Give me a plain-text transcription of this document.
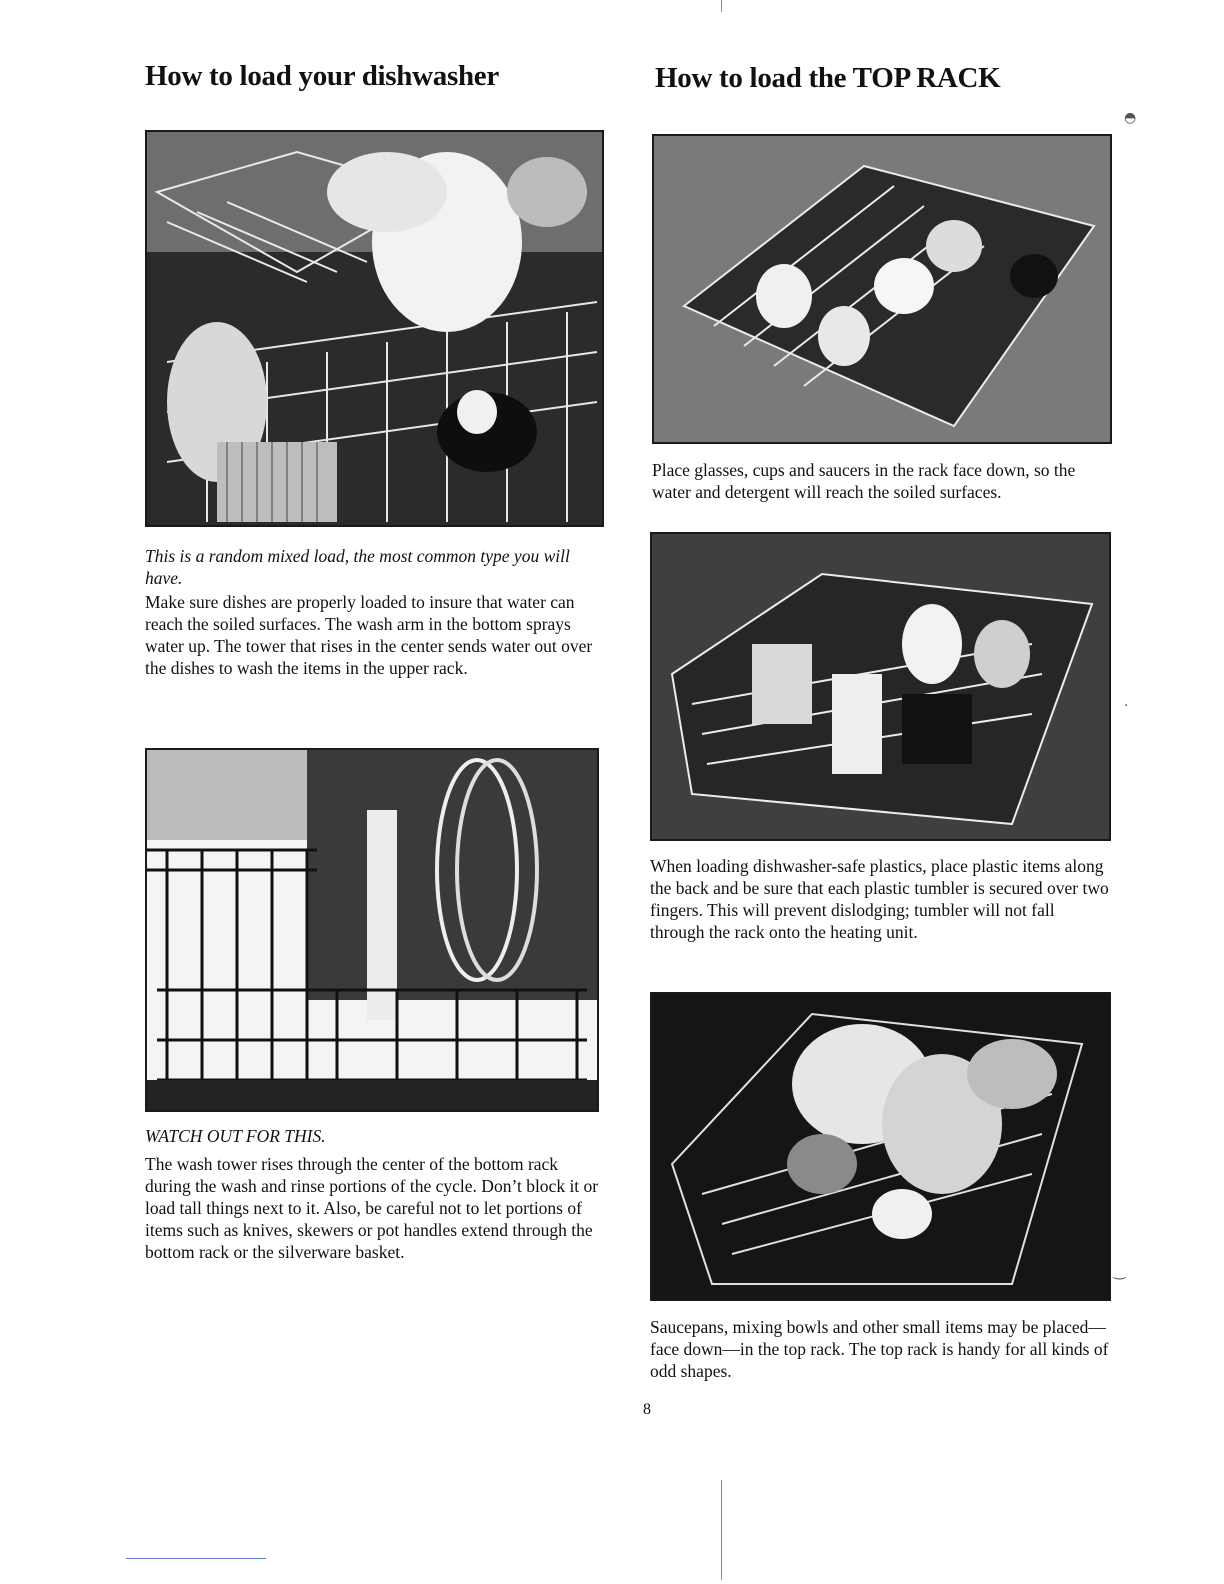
How to load your dishwasher	How to load the TOP RACK

This is a random mixed load, the most common type you will have.

Make sure dishes are properly loaded to insure that water can reach the soiled surfaces. The wash arm in the bottom sprays water up. The tower that rises in the center sends water out over the dishes to wash the items in the upper rack.

WATCH OUT FOR THIS.

The wash tower rises through the center of the bottom rack during the wash and rinse portions of the cycle. Don’t block it or load tall things next to it. Also, be careful not to let portions of items such as knives, skewers or pot handles extend through the bottom rack or the silverware basket.

Place glasses, cups and saucers in the rack face down, so the water and detergent will reach the soiled surfaces.

When loading dishwasher-safe plastics, place plastic items along the back and be sure that each plastic tumbler is secured over two fingers. This will prevent dislodging; tumbler will not fall through the rack onto the heating unit.

Saucepans, mixing bowls and other small items may be placed—face down—in the top rack. The top rack is handy for all kinds of odd shapes.

8
◓
·
‿
